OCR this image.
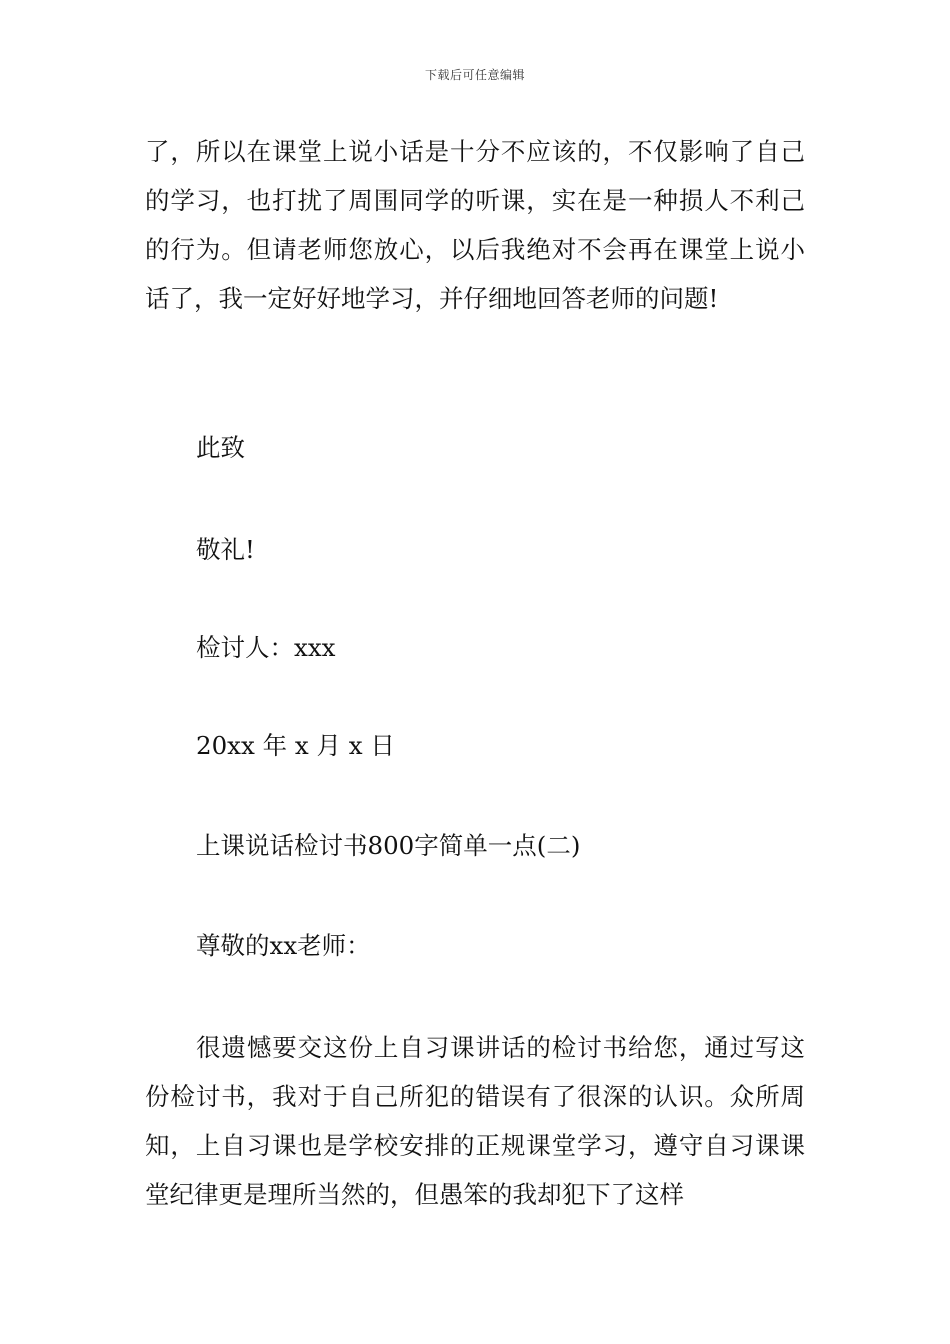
下载后可任意编辑

了，所以在课堂上说小话是十分不应该的，不仅影响了自己的学习，也打扰了周围同学的听课，实在是一种损人不利己的行为。但请老师您放心，以后我绝对不会再在课堂上说小话了，我一定好好地学习，并仔细地回答老师的问题!

此致
敬礼!
检讨人：xxx
20xx 年 x 月 x 日
上课说话检讨书800字简单一点(二)
尊敬的xx老师：

很遗憾要交这份上自习课讲话的检讨书给您，通过写这份检讨书，我对于自己所犯的错误有了很深的认识。众所周知，上自习课也是学校安排的正规课堂学习，遵守自习课课堂纪律更是理所当然的，但愚笨的我却犯下了这样
